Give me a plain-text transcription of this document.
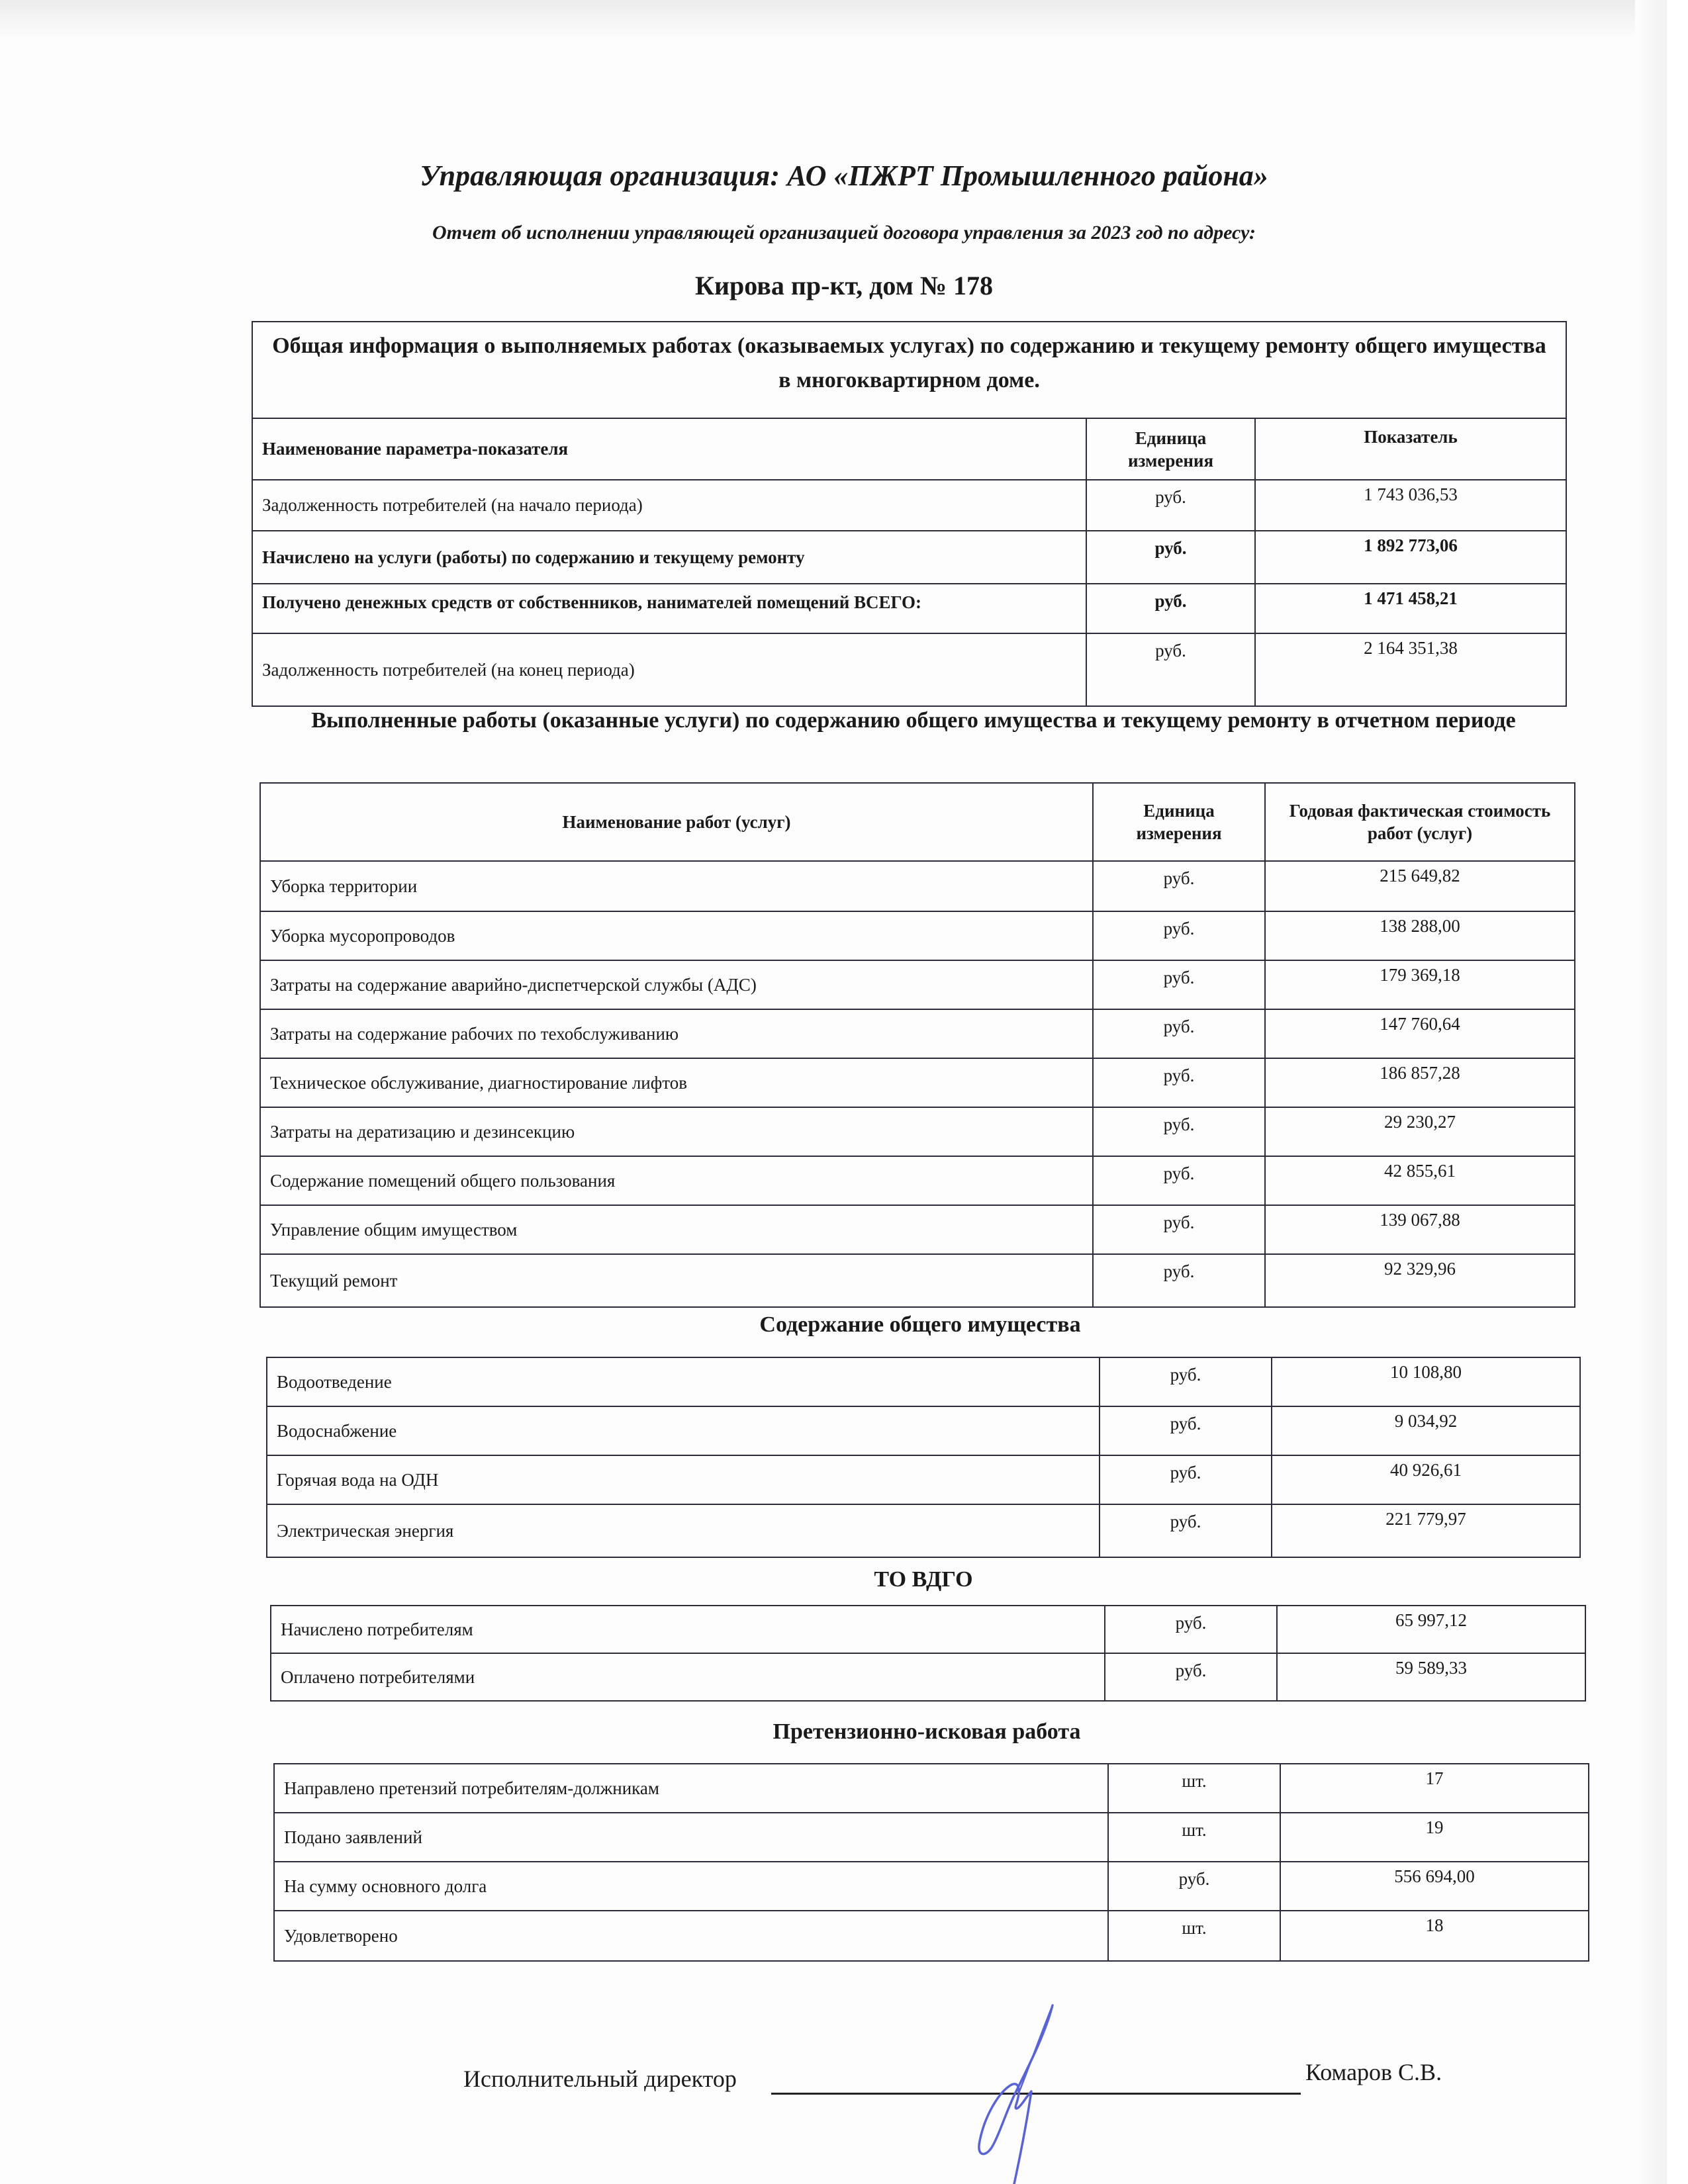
Управляющая организация: АО «ПЖРТ Промышленного района»
Отчет об исполнении управляющей организацией договора управления за 2023 год по адресу:
Кирова пр-кт, дом № 178
Общая информация о выполняемых работах (оказываемых услугах) по содержанию и текущему ремонту общего имущества в многоквартирном доме.		
Наименование параметра-показателя	Единица измерения	Показатель
Задолженность потребителей (на начало периода)	руб.	1 743 036,53
Начислено на услуги (работы) по содержанию и текущему ремонту	руб.	1 892 773,06
Получено денежных средств от собственников, нанимателей помещений ВСЕГО:	руб.	1 471 458,21
Задолженность потребителей (на конец периода)	руб.	2 164 351,38
Выполненные работы (оказанные услуги) по содержанию общего имущества и текущему ремонту в отчетном периоде
Наименование работ (услуг)	Единица измерения	Годовая фактическая стоимость работ (услуг)
Уборка территории	руб.	215 649,82
Уборка мусоропроводов	руб.	138 288,00
Затраты на содержание аварийно-диспетчерской службы (АДС)	руб.	179 369,18
Затраты на содержание рабочих по техобслуживанию	руб.	147 760,64
Техническое обслуживание, диагностирование лифтов	руб.	186 857,28
Затраты на дератизацию и дезинсекцию	руб.	29 230,27
Содержание помещений общего пользования	руб.	42 855,61
Управление общим имуществом	руб.	139 067,88
Текущий ремонт	руб.	92 329,96
Содержание общего имущества
Водоотведение	руб.	10 108,80
Водоснабжение	руб.	9 034,92
Горячая вода на ОДН	руб.	40 926,61
Электрическая энергия	руб.	221 779,97
ТО ВДГО
Начислено потребителям	руб.	65 997,12
Оплачено потребителями	руб.	59 589,33
Претензионно-исковая работа
Направлено претензий потребителям-должникам	шт.	17
Подано заявлений	шт.	19
На сумму основного долга	руб.	556 694,00
Удовлетворено	шт.	18
Исполнительный директор	Комаров С.В.
